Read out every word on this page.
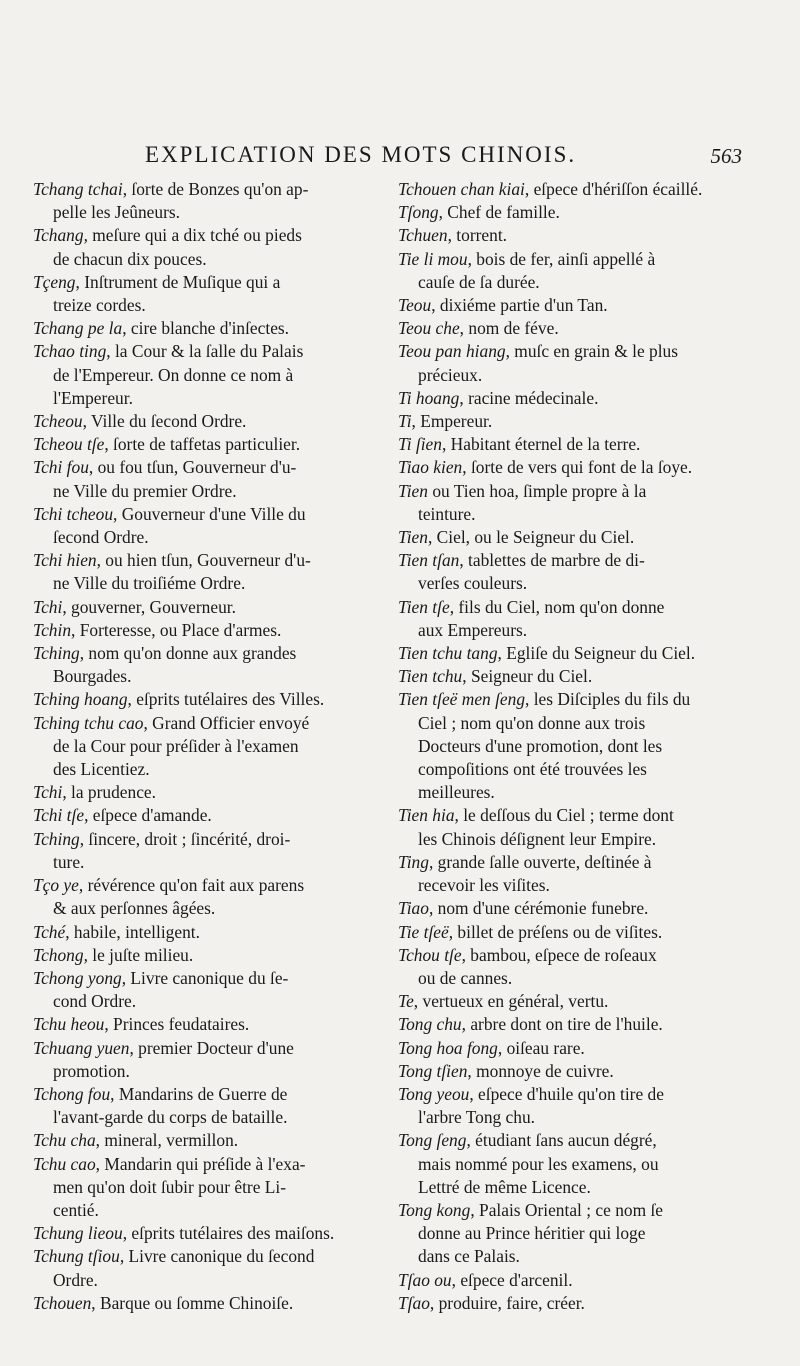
EXPLICATION DES MOTS CHINOIS.	563
Tchang tchai, ſorte de Bonzes qu'on ap-
pelle les Jeûneurs.
Tchang, meſure qui a dix tché ou pieds
de chacun dix pouces.
Tçeng, Inſtrument de Muſique qui a
treize cordes.
Tchang pe la, cire blanche d'inſectes.
Tchao ting, la Cour & la ſalle du Palais
de l'Empereur. On donne ce nom à
l'Empereur.
Tcheou, Ville du ſecond Ordre.
Tcheou tſe, ſorte de taffetas particulier.
Tchi fou, ou fou tſun, Gouverneur d'u-
ne Ville du premier Ordre.
Tchi tcheou, Gouverneur d'une Ville du
ſecond Ordre.
Tchi hien, ou hien tſun, Gouverneur d'u-
ne Ville du troiſiéme Ordre.
Tchi, gouverner, Gouverneur.
Tchin, Forteresse, ou Place d'armes.
Tching, nom qu'on donne aux grandes
Bourgades.
Tching hoang, eſprits tutélaires des Villes.
Tching tchu cao, Grand Officier envoyé
de la Cour pour préſider à l'examen
des Licentiez.
Tchi, la prudence.
Tchi tſe, eſpece d'amande.
Tching, ſincere, droit ; ſincérité, droi-
ture.
Tço ye, révérence qu'on fait aux parens
& aux perſonnes âgées.
Tché, habile, intelligent.
Tchong, le juſte milieu.
Tchong yong, Livre canonique du ſe-
cond Ordre.
Tchu heou, Princes feudataires.
Tchuang yuen, premier Docteur d'une
promotion.
Tchong fou, Mandarins de Guerre de
l'avant-garde du corps de bataille.
Tchu cha, mineral, vermillon.
Tchu cao, Mandarin qui préſide à l'exa-
men qu'on doit ſubir pour être Li-
centié.
Tchung lieou, eſprits tutélaires des maiſons.
Tchung tſiou, Livre canonique du ſecond
Ordre.
Tchouen, Barque ou ſomme Chinoiſe.
Tchouen chan kiai, eſpece d'hériſſon écaillé.
Tſong, Chef de famille.
Tchuen, torrent.
Tie li mou, bois de fer, ainſi appellé à
cauſe de ſa durée.
Teou, dixiéme partie d'un Tan.
Teou che, nom de féve.
Teou pan hiang, muſc en grain & le plus
précieux.
Ti hoang, racine médecinale.
Ti, Empereur.
Ti ſien, Habitant éternel de la terre.
Tiao kien, ſorte de vers qui font de la ſoye.
Tien ou Tien hoa, ſimple propre à la
teinture.
Tien, Ciel, ou le Seigneur du Ciel.
Tien tſan, tablettes de marbre de di-
verſes couleurs.
Tien tſe, fils du Ciel, nom qu'on donne
aux Empereurs.
Tien tchu tang, Egliſe du Seigneur du Ciel.
Tien tchu, Seigneur du Ciel.
Tien tſeë men ſeng, les Diſciples du fils du
Ciel ; nom qu'on donne aux trois
Docteurs d'une promotion, dont les
compoſitions ont été trouvées les
meilleures.
Tien hia, le deſſous du Ciel ; terme dont
les Chinois déſignent leur Empire.
Ting, grande ſalle ouverte, deſtinée à
recevoir les viſites.
Tiao, nom d'une cérémonie funebre.
Tie tſeë, billet de préſens ou de viſites.
Tchou tſe, bambou, eſpece de roſeaux
ou de cannes.
Te, vertueux en général, vertu.
Tong chu, arbre dont on tire de l'huile.
Tong hoa fong, oiſeau rare.
Tong tſien, monnoye de cuivre.
Tong yeou, eſpece d'huile qu'on tire de
l'arbre Tong chu.
Tong ſeng, étudiant ſans aucun dégré,
mais nommé pour les examens, ou
Lettré de même Licence.
Tong kong, Palais Oriental ; ce nom ſe
donne au Prince héritier qui loge
dans ce Palais.
Tſao ou, eſpece d'arcenil.
Tſao, produire, faire, créer.
